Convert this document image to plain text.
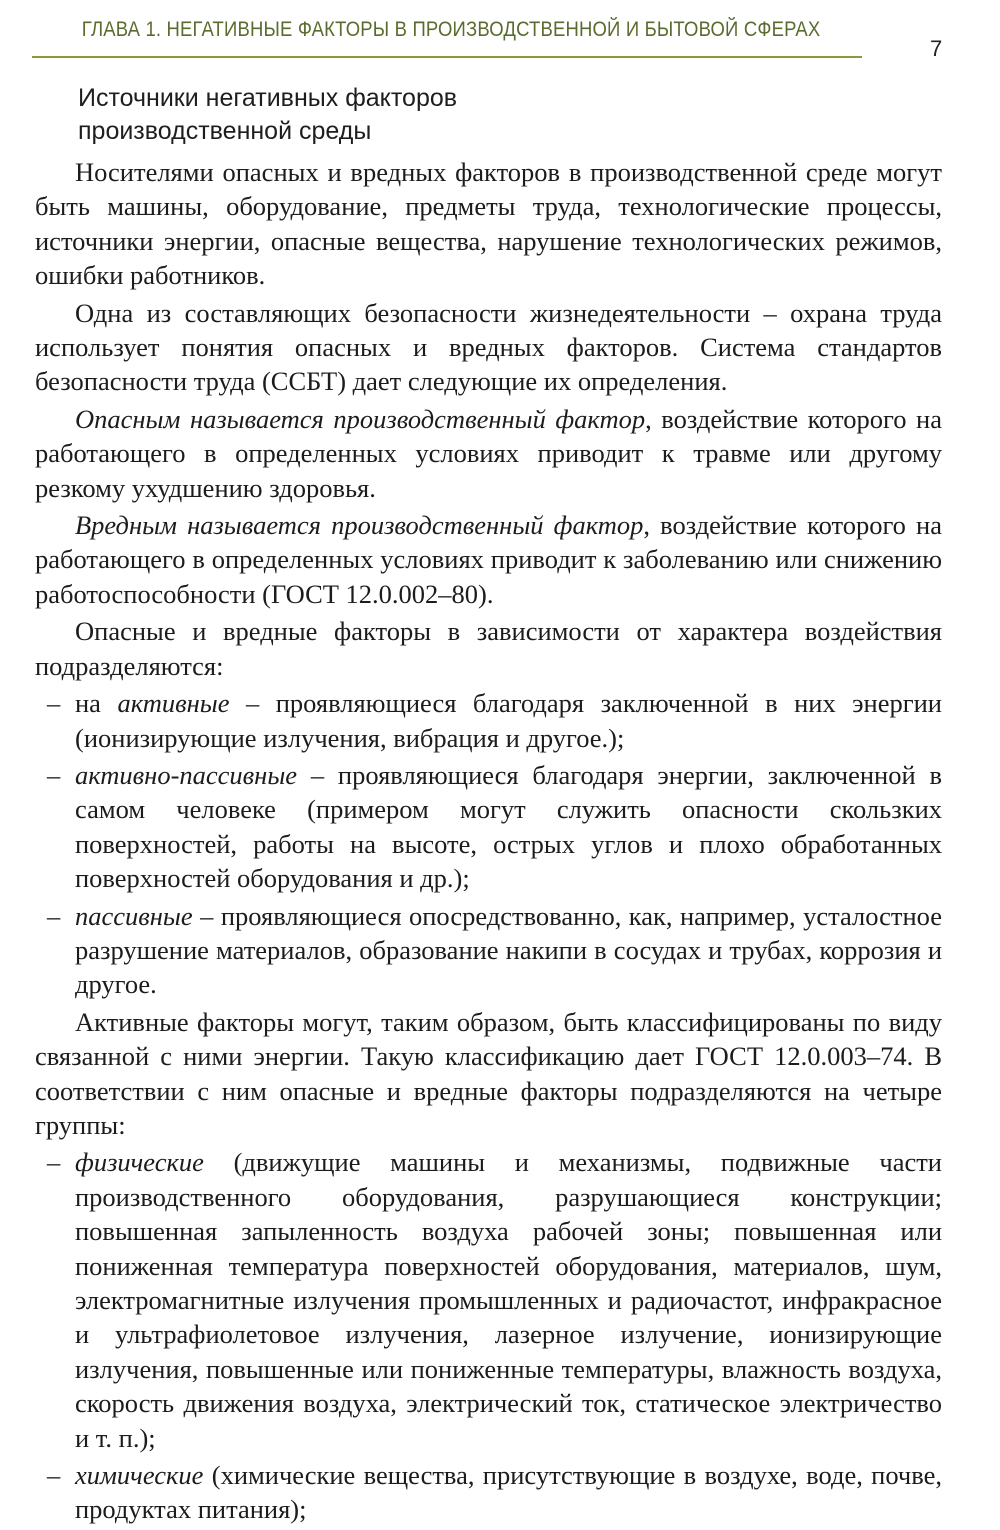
ГЛАВА 1. НЕГАТИВНЫЕ ФАКТОРЫ В ПРОИЗВОДСТВЕННОЙ И БЫТОВОЙ СФЕРАХ
7
Источники негативных факторов
производственной среды

Носителями опасных и вредных факторов в производственной среде могут быть машины, оборудование, предметы труда, технологические процессы, источники энергии, опасные вещества, нарушение технологических режимов, ошибки работников.

Одна из составляющих безопасности жизнедеятельности – охрана труда использует понятия опасных и вредных факторов. Система стандартов безопасности труда (ССБТ) дает следующие их определения.

Опасным называется производственный фактор, воздействие которого на работающего в определенных условиях приводит к травме или другому резкому ухудшению здоровья.

Вредным называется производственный фактор, воздействие которого на работающего в определенных условиях приводит к заболеванию или снижению работоспособности (ГОСТ 12.0.002–80).

Опасные и вредные факторы в зависимости от характера воздействия подразделяются:

– на активные – проявляющиеся благодаря заключенной в них энергии (ионизирующие излучения, вибрация и другое.);
– активно-пассивные – проявляющиеся благодаря энергии, заключенной в самом человеке (примером могут служить опасности скользких поверхностей, работы на высоте, острых углов и плохо обработанных поверхностей оборудования и др.);
– пассивные – проявляющиеся опосредствованно, как, например, усталостное разрушение материалов, образование накипи в сосудах и трубах, коррозия и другое.

Активные факторы могут, таким образом, быть классифицированы по виду связанной с ними энергии. Такую классификацию дает ГОСТ 12.0.003–74. В соответствии с ним опасные и вредные факторы подразделяются на четыре группы:

– физические (движущие машины и механизмы, подвижные части производственного оборудования, разрушающиеся конструкции; повышенная запыленность воздуха рабочей зоны; повышенная или пониженная температура поверхностей оборудования, материалов, шум, электромагнитные излучения промышленных и радиочастот, инфракрасное и ультрафиолетовое излучения, лазерное излучение, ионизирующие излучения, повышенные или пониженные температуры, влажность воздуха, скорость движения воздуха, электрический ток, статическое электричество и т. п.);
– химические (химические вещества, присутствующие в воздухе, воде, почве, продуктах питания);
